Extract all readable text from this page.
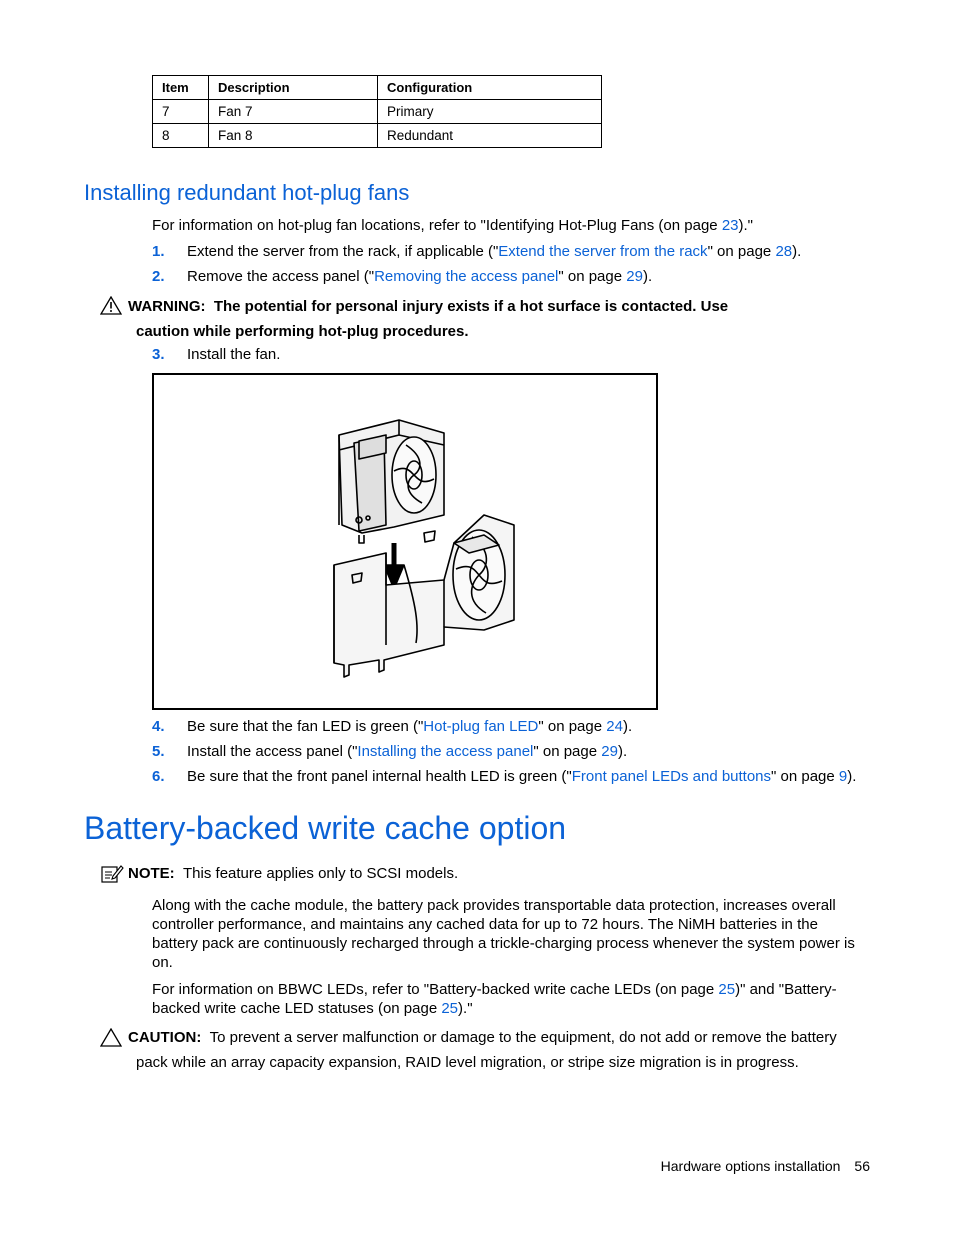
Item	Description	Configuration
7	Fan 7	Primary
8	Fan 8	Redundant
Installing redundant hot-plug fans

For information on hot-plug fan locations, refer to "Identifying Hot-Plug Fans (on page 23)."

1. Extend the server from the rack, if applicable ("Extend the server from the rack" on page 28).

2. Remove the access panel ("Removing the access panel" on page 29).

WARNING: The potential for personal injury exists if a hot surface is contacted. Use
caution while performing hot-plug procedures.

3. Install the fan.

4. Be sure that the fan LED is green ("Hot-plug fan LED" on page 24).

5. Install the access panel ("Installing the access panel" on page 29).

6. Be sure that the front panel internal health LED is green ("Front panel LEDs and buttons" on page 9).

Battery-backed write cache option

NOTE: This feature applies only to SCSI models.

Along with the cache module, the battery pack provides transportable data protection, increases overall
controller performance, and maintains any cached data for up to 72 hours. The NiMH batteries in the
battery pack are continuously recharged through a trickle-charging process whenever the system power is
on.
For information on BBWC LEDs, refer to "Battery-backed write cache LEDs (on page 25)" and "Battery-
backed write cache LED statuses (on page 25)."
CAUTION: To prevent a server malfunction or damage to the equipment, do not add or remove the battery
pack while an array capacity expansion, RAID level migration, or stripe size migration is in progress.
Hardware options installation 56
